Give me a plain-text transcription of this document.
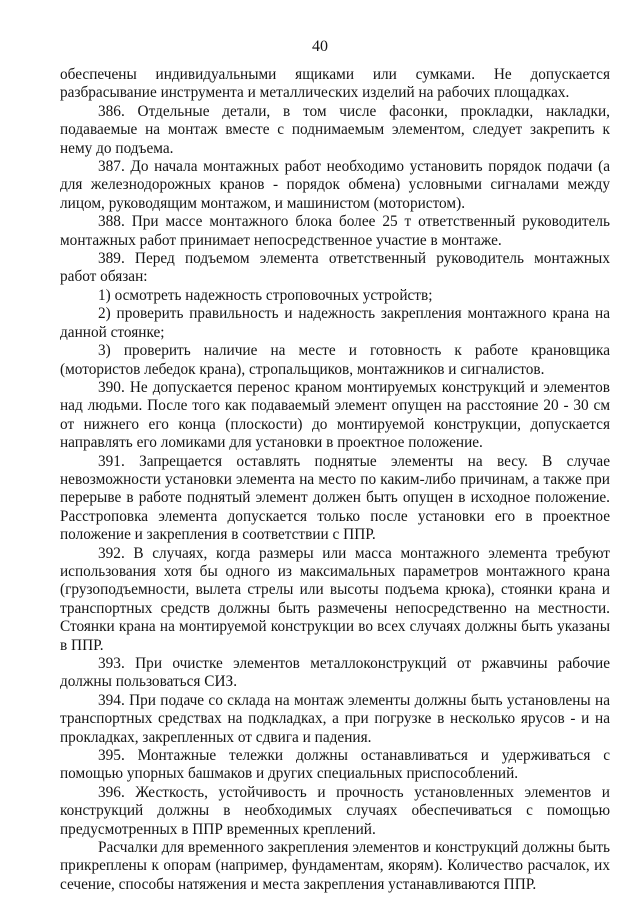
40

обеспечены индивидуальными ящиками или сумками. Не допускается разбрасывание инструмента и металлических изделий на рабочих площадках.

386. Отдельные детали, в том числе фасонки, прокладки, накладки, подаваемые на монтаж вместе с поднимаемым элементом, следует закрепить к нему до подъема.

387. До начала монтажных работ необходимо установить порядок подачи (а для железнодорожных кранов - порядок обмена) условными сигналами между лицом, руководящим монтажом, и машинистом (мотористом).

388. При массе монтажного блока более 25 т ответственный руководитель монтажных работ принимает непосредственное участие в монтаже.

389. Перед подъемом элемента ответственный руководитель монтажных работ обязан:

1) осмотреть надежность строповочных устройств;

2) проверить правильность и надежность закрепления монтажного крана на данной стоянке;

3) проверить наличие на месте и готовность к работе крановщика (мотористов лебедок крана), стропальщиков, монтажников и сигналистов.

390. Не допускается перенос краном монтируемых конструкций и элементов над людьми. После того как подаваемый элемент опущен на расстояние 20 - 30 см от нижнего его конца (плоскости) до монтируемой конструкции, допускается направлять его ломиками для установки в проектное положение.

391. Запрещается оставлять поднятые элементы на весу. В случае невозможности установки элемента на место по каким-либо причинам, а также при перерыве в работе поднятый элемент должен быть опущен в исходное положение. Расстроповка элемента допускается только после установки его в проектное положение и закрепления в соответствии с ППР.

392. В случаях, когда размеры или масса монтажного элемента требуют использования хотя бы одного из максимальных параметров монтажного крана (грузоподъемности, вылета стрелы или высоты подъема крюка), стоянки крана и транспортных средств должны быть размечены непосредственно на местности. Стоянки крана на монтируемой конструкции во всех случаях должны быть указаны в ППР.

393. При очистке элементов металлоконструкций от ржавчины рабочие должны пользоваться СИЗ.

394. При подаче со склада на монтаж элементы должны быть установлены на транспортных средствах на подкладках, а при погрузке в несколько ярусов - и на прокладках, закрепленных от сдвига и падения.

395. Монтажные тележки должны останавливаться и удерживаться с помощью упорных башмаков и других специальных приспособлений.

396. Жесткость, устойчивость и прочность установленных элементов и конструкций должны в необходимых случаях обеспечиваться с помощью предусмотренных в ППР временных креплений.

Расчалки для временного закрепления элементов и конструкций должны быть прикреплены к опорам (например, фундаментам, якорям). Количество расчалок, их сечение, способы натяжения и места закрепления устанавливаются ППР.
